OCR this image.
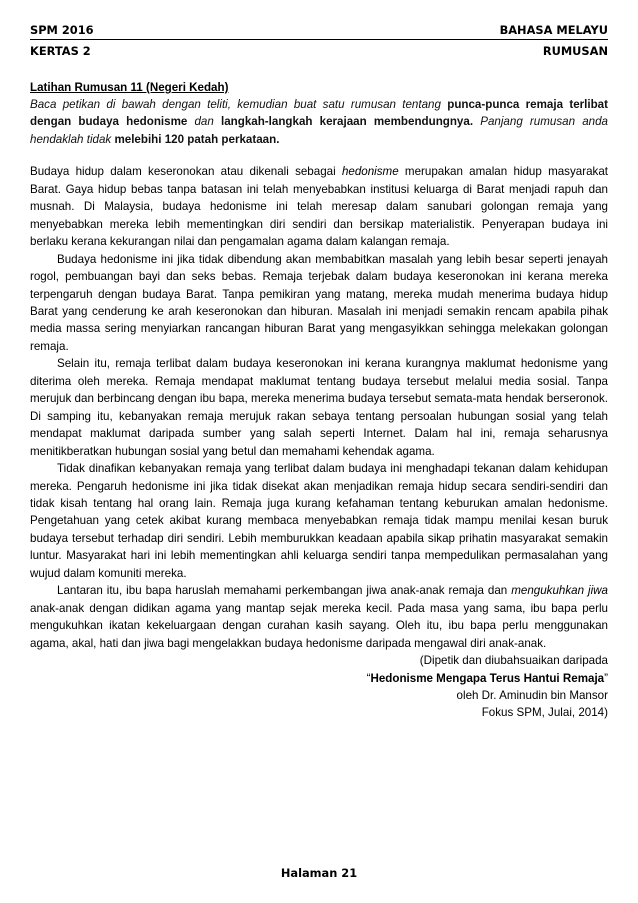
SPM 2016	BAHASA MELAYU
KERTAS 2	RUMUSAN
Latihan Rumusan 11 (Negeri Kedah)

Baca petikan di bawah dengan teliti, kemudian buat satu rumusan tentang punca-punca remaja terlibat dengan budaya hedonisme dan langkah-langkah kerajaan membendungnya. Panjang rumusan anda hendaklah tidak melebihi 120 patah perkataan.

Budaya hidup dalam keseronokan atau dikenali sebagai hedonisme merupakan amalan hidup masyarakat Barat. Gaya hidup bebas tanpa batasan ini telah menyebabkan institusi keluarga di Barat menjadi rapuh dan musnah. Di Malaysia, budaya hedonisme ini telah meresap dalam sanubari golongan remaja yang menyebabkan mereka lebih mementingkan diri sendiri dan bersikap materialistik. Penyerapan budaya ini berlaku kerana kekurangan nilai dan pengamalan agama dalam kalangan remaja.

Budaya hedonisme ini jika tidak dibendung akan membabitkan masalah yang lebih besar seperti jenayah rogol, pembuangan bayi dan seks bebas. Remaja terjebak dalam budaya keseronokan ini kerana mereka terpengaruh dengan budaya Barat. Tanpa pemikiran yang matang, mereka mudah menerima budaya hidup Barat yang cenderung ke arah keseronokan dan hiburan. Masalah ini menjadi semakin rencam apabila pihak media massa sering menyiarkan rancangan hiburan Barat yang mengasyikkan sehingga melekakan golongan remaja.

Selain itu, remaja terlibat dalam budaya keseronokan ini kerana kurangnya maklumat hedonisme yang diterima oleh mereka. Remaja mendapat maklumat tentang budaya tersebut melalui media sosial. Tanpa merujuk dan berbincang dengan ibu bapa, mereka menerima budaya tersebut semata-mata hendak berseronok. Di samping itu, kebanyakan remaja merujuk rakan sebaya tentang persoalan hubungan sosial yang telah mendapat maklumat daripada sumber yang salah seperti Internet. Dalam hal ini, remaja seharusnya menitikberatkan hubungan sosial yang betul dan memahami kehendak agama.

Tidak dinafikan kebanyakan remaja yang terlibat dalam budaya ini menghadapi tekanan dalam kehidupan mereka. Pengaruh hedonisme ini jika tidak disekat akan menjadikan remaja hidup secara sendiri-sendiri dan tidak kisah tentang hal orang lain. Remaja juga kurang kefahaman tentang keburukan amalan hedonisme. Pengetahuan yang cetek akibat kurang membaca menyebabkan remaja tidak mampu menilai kesan buruk budaya tersebut terhadap diri sendiri. Lebih memburukkan keadaan apabila sikap prihatin masyarakat semakin luntur. Masyarakat hari ini lebih mementingkan ahli keluarga sendiri tanpa mempedulikan permasalahan yang wujud dalam komuniti mereka.

Lantaran itu, ibu bapa haruslah memahami perkembangan jiwa anak-anak remaja dan mengukuhkan jiwa anak-anak dengan didikan agama yang mantap sejak mereka kecil. Pada masa yang sama, ibu bapa perlu mengukuhkan ikatan kekeluargaan dengan curahan kasih sayang. Oleh itu, ibu bapa perlu menggunakan agama, akal, hati dan jiwa bagi mengelakkan budaya hedonisme daripada mengawal diri anak-anak.

(Dipetik dan diubahsuaikan daripada
“Hedonisme Mengapa Terus Hantui Remaja”
oleh Dr. Aminudin bin Mansor
Fokus SPM, Julai, 2014)
Halaman 21
